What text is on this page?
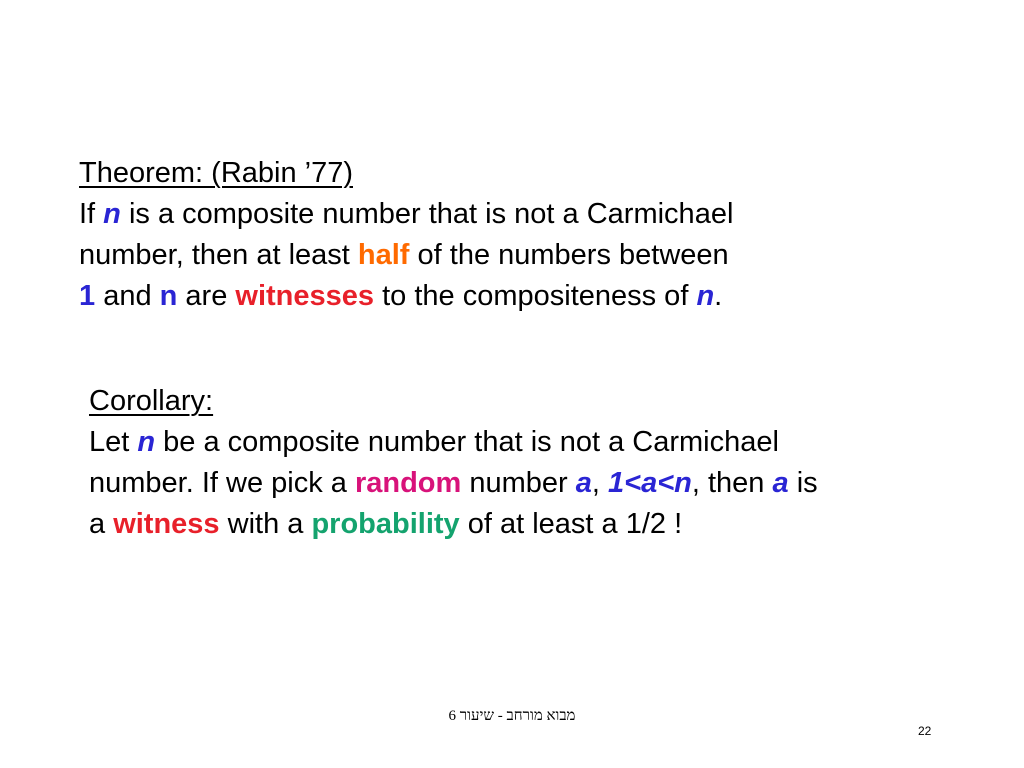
Theorem: (Rabin ’77)
If n is a composite number that is not a Carmichael
number, then at least half of the numbers between
1 and n are witnesses to the compositeness of n.
Corollary:
Let n be a composite number that is not a Carmichael
number. If we pick a random number a, 1<a<n, then a is
a witness with a probability of at least a 1/2 !
מבוא מורחב - שיעור 6
22
